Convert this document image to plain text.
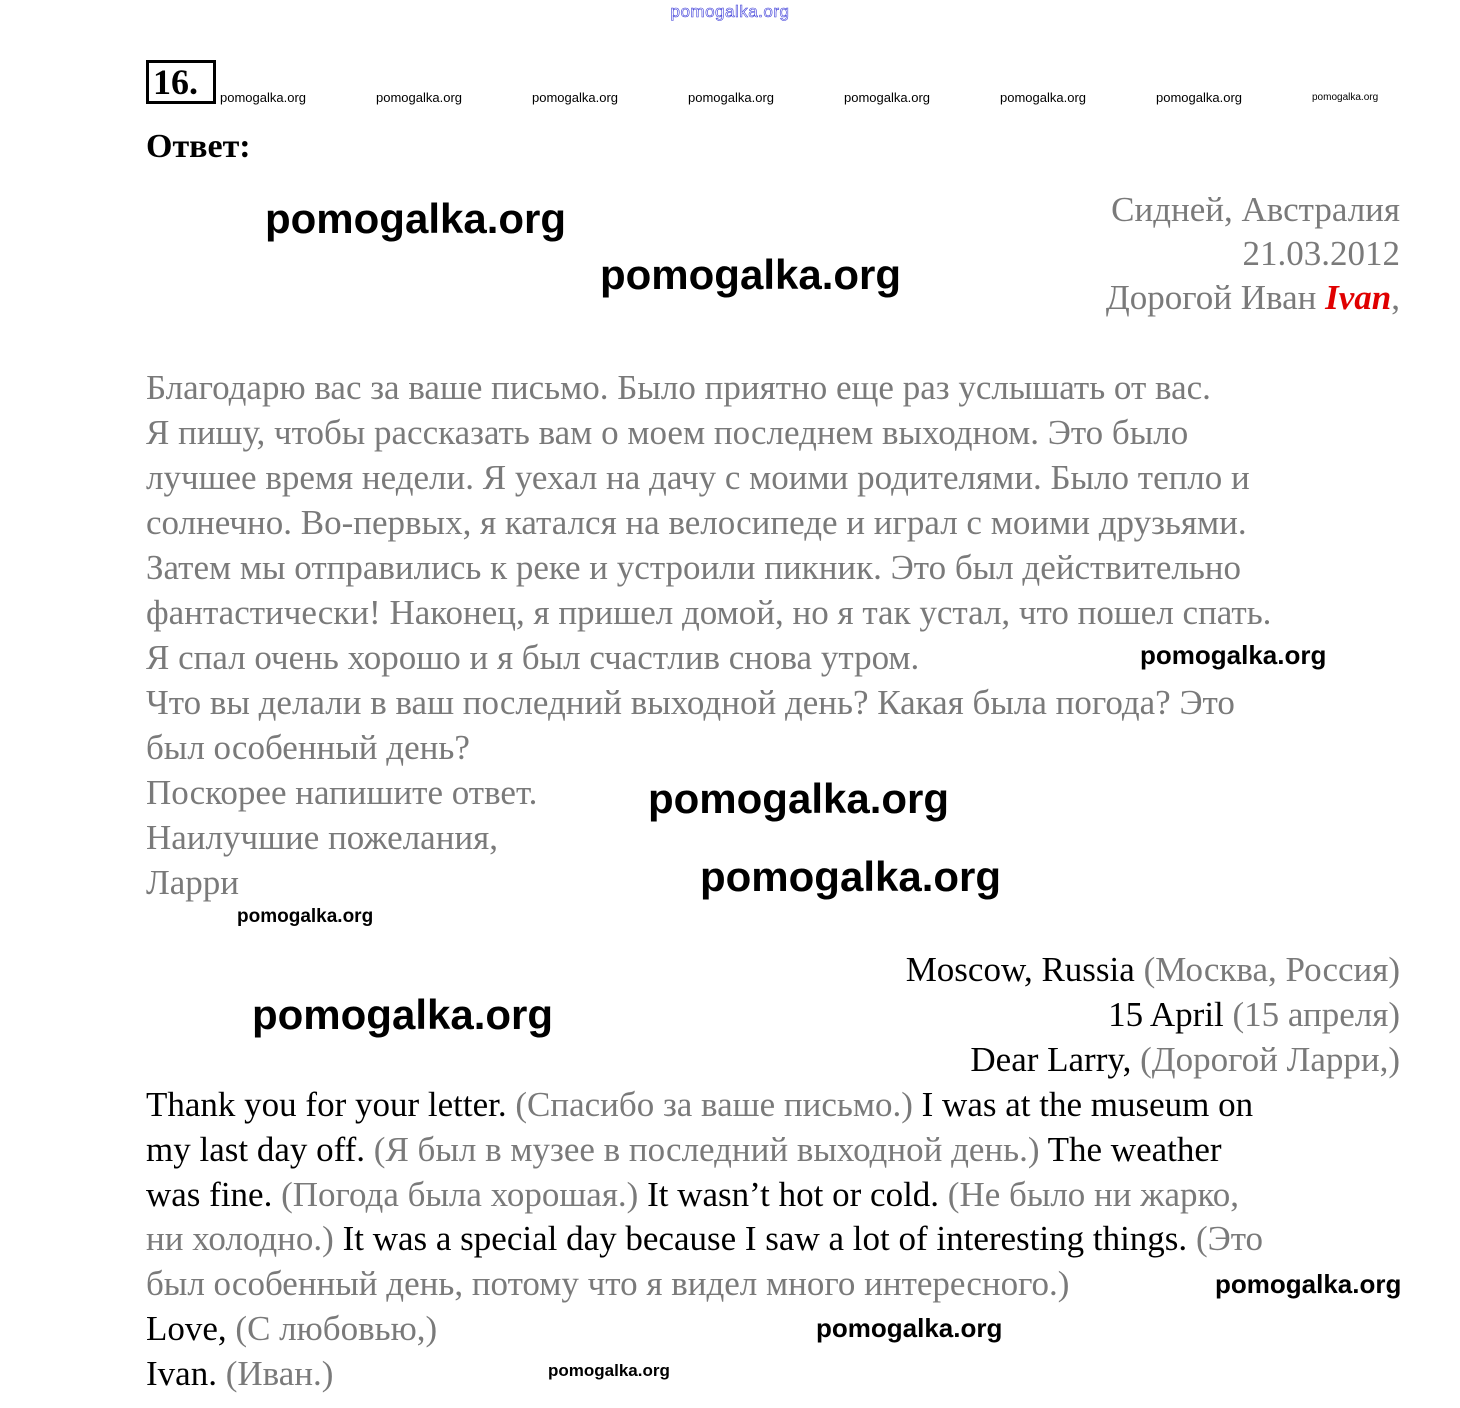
pomogalka.org
16.	pomogalka.org	pomogalka.org	pomogalka.org	pomogalka.org	pomogalka.org	pomogalka.org	pomogalka.org	pomogalka.org
Ответ:
Сидней, Австралия
21.03.2012
Дорогой Иван Ivan,
Благодарю вас за ваше письмо. Было приятно еще раз услышать от вас.
Я пишу, чтобы рассказать вам о моем последнем выходном. Это было
лучшее время недели. Я уехал на дачу с моими родителями. Было тепло и
солнечно. Во-первых, я катался на велосипеде и играл с моими друзьями.
Затем мы отправились к реке и устроили пикник. Это был действительно
фантастически! Наконец, я пришел домой, но я так устал, что пошел спать.
Я спал очень хорошо и я был счастлив снова утром.
Что вы делали в ваш последний выходной день? Какая была погода? Это
был особенный день?
Поскорее напишите ответ.
Наилучшие пожелания,
Ларри
Moscow, Russia (Москва, Россия)
15 April (15 апреля)
Dear Larry, (Дорогой Ларри,)
Thank you for your letter. (Спасибо за ваше письмо.) I was at the museum on
my last day off. (Я был в музее в последний выходной день.) The weather
was fine. (Погода была хорошая.) It wasn’t hot or cold. (Не было ни жарко,
ни холодно.) It was a special day because I saw a lot of interesting things. (Это
был особенный день, потому что я видел много интересного.)
Love, (С любовью,)
Ivan. (Иван.)
pomogalka.org
pomogalka.org
pomogalka.org
pomogalka.org
pomogalka.org
pomogalka.org
pomogalka.org
pomogalka.org
pomogalka.org
pomogalka.org
